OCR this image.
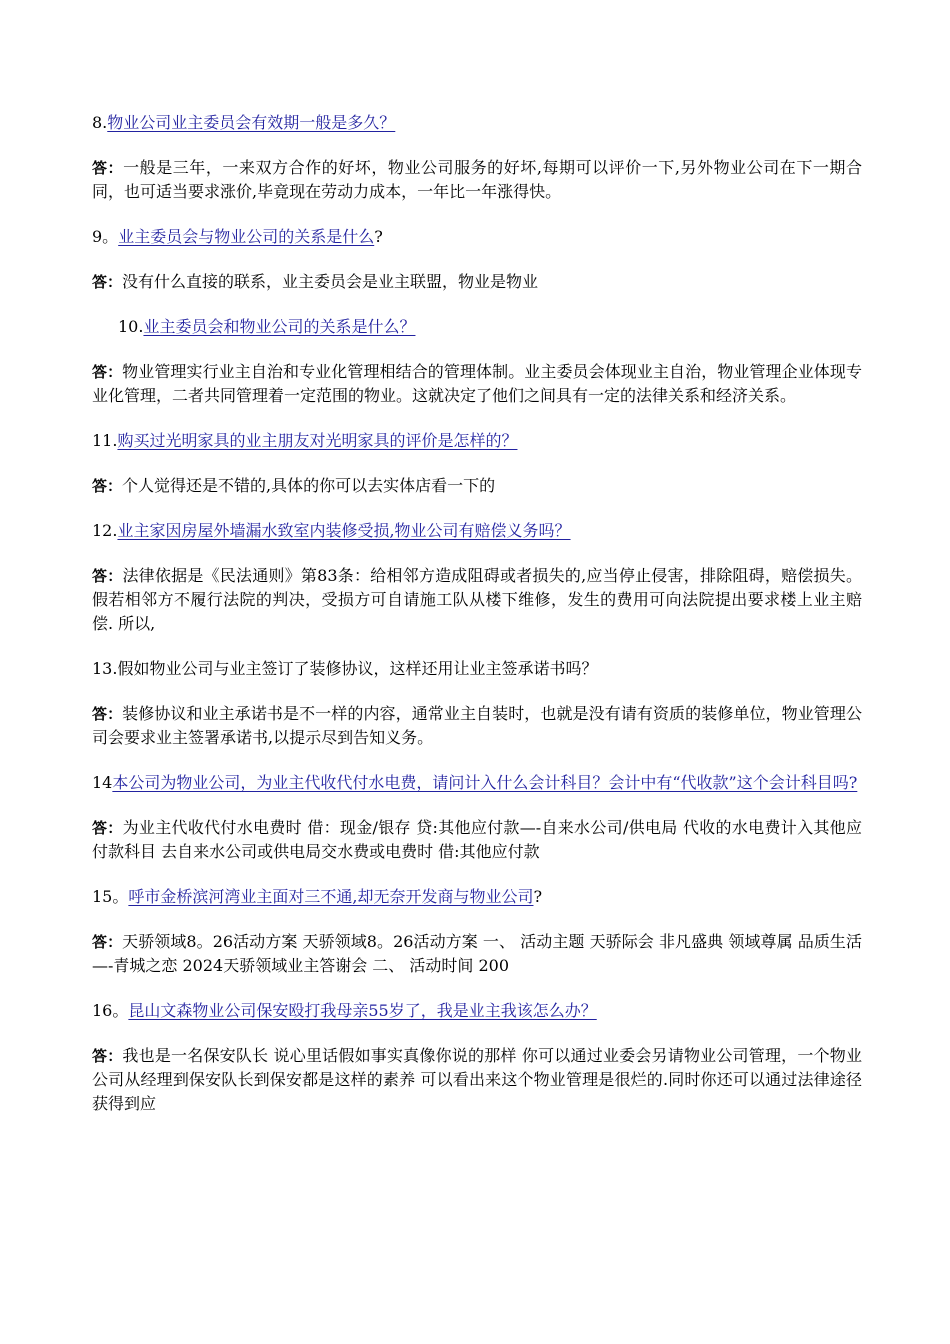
8.物业公司业主委员会有效期一般是多久？

答：一般是三年，一来双方合作的好坏，物业公司服务的好坏,每期可以评价一下,另外物业公司在下一期合同，也可适当要求涨价,毕竟现在劳动力成本，一年比一年涨得快。

9。业主委员会与物业公司的关系是什么?

答：没有什么直接的联系，业主委员会是业主联盟，物业是物业

10.业主委员会和物业公司的关系是什么？

答：物业管理实行业主自治和专业化管理相结合的管理体制。业主委员会体现业主自治，物业管理企业体现专业化管理，二者共同管理着一定范围的物业。这就决定了他们之间具有一定的法律关系和经济关系。

11.购买过光明家具的业主朋友对光明家具的评价是怎样的？

答：个人觉得还是不错的,具体的你可以去实体店看一下的

12.业主家因房屋外墙漏水致室内装修受损,物业公司有赔偿义务吗？

答：法律依据是《民法通则》第83条：给相邻方造成阻碍或者损失的,应当停止侵害，排除阻碍，赔偿损失。假若相邻方不履行法院的判决，受损方可自请施工队从楼下维修，发生的费用可向法院提出要求楼上业主赔偿. 所以,

13.假如物业公司与业主签订了装修协议，这样还用让业主签承诺书吗？

答：装修协议和业主承诺书是不一样的内容，通常业主自装时，也就是没有请有资质的装修单位，物业管理公司会要求业主签署承诺书,以提示尽到告知义务。

14本公司为物业公司，为业主代收代付水电费，请问计入什么会计科目？会计中有“代收款”这个会计科目吗?

答：为业主代收代付水电费时 借：现金/银存 贷:其他应付款—-自来水公司/供电局 代收的水电费计入其他应付款科目 去自来水公司或供电局交水费或电费时 借:其他应付款

15。呼市金桥滨河湾业主面对三不通,却无奈开发商与物业公司?

答：天骄领域8。26活动方案 天骄领域8。26活动方案 一、 活动主题 天骄际会 非凡盛典 领域尊属 品质生活 —-青城之恋 2024天骄领域业主答谢会 二、 活动时间 200

16。昆山文森物业公司保安殴打我母亲55岁了，我是业主我该怎么办？

答：我也是一名保安队长 说心里话假如事实真像你说的那样 你可以通过业委会另请物业公司管理，一个物业公司从经理到保安队长到保安都是这样的素养 可以看出来这个物业管理是很烂的.同时你还可以通过法律途径获得到应
